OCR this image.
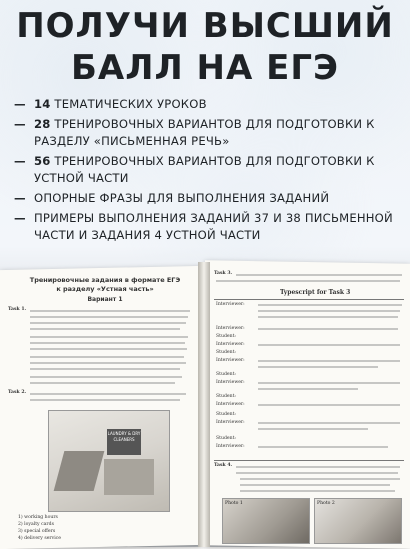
ПОЛУЧИ ВЫСШИЙ
БАЛЛ НА ЕГЭ
— 14 ТЕМАТИЧЕСКИХ УРОКОВ
— 28 ТРЕНИРОВОЧНЫХ ВАРИАНТОВ ДЛЯ ПОДГОТОВКИ К РАЗДЕЛУ «ПИСЬМЕННАЯ РЕЧЬ»
— 56 ТРЕНИРОВОЧНЫХ ВАРИАНТОВ ДЛЯ ПОДГОТОВКИ К УСТНОЙ ЧАСТИ
— ОПОРНЫЕ ФРАЗЫ ДЛЯ ВЫПОЛНЕНИЯ ЗАДАНИЙ
— ПРИМЕРЫ ВЫПОЛНЕНИЯ ЗАДАНИЙ 37 И 38 ПИСЬМЕННОЙ ЧАСТИ И ЗАДАНИЯ 4 УСТНОЙ ЧАСТИ
Тренировочные задания в формате ЕГЭ
к разделу «Устная часть»
Вариант 1
Task 1.
Task 2.
LAUNDRY & DRY CLEANERS
1) working hours
2) loyalty cards
3) special offers
4) delivery service
Task 3.
Typescript for Task 3
Interviewer:
Interviewer:
Student:
Interviewer:
Student:
Interviewer:
Student:
Interviewer:
Student:
Interviewer:
Student:
Interviewer:
Student:
Interviewer:
Task 4.
Photo 1	Photo 2
